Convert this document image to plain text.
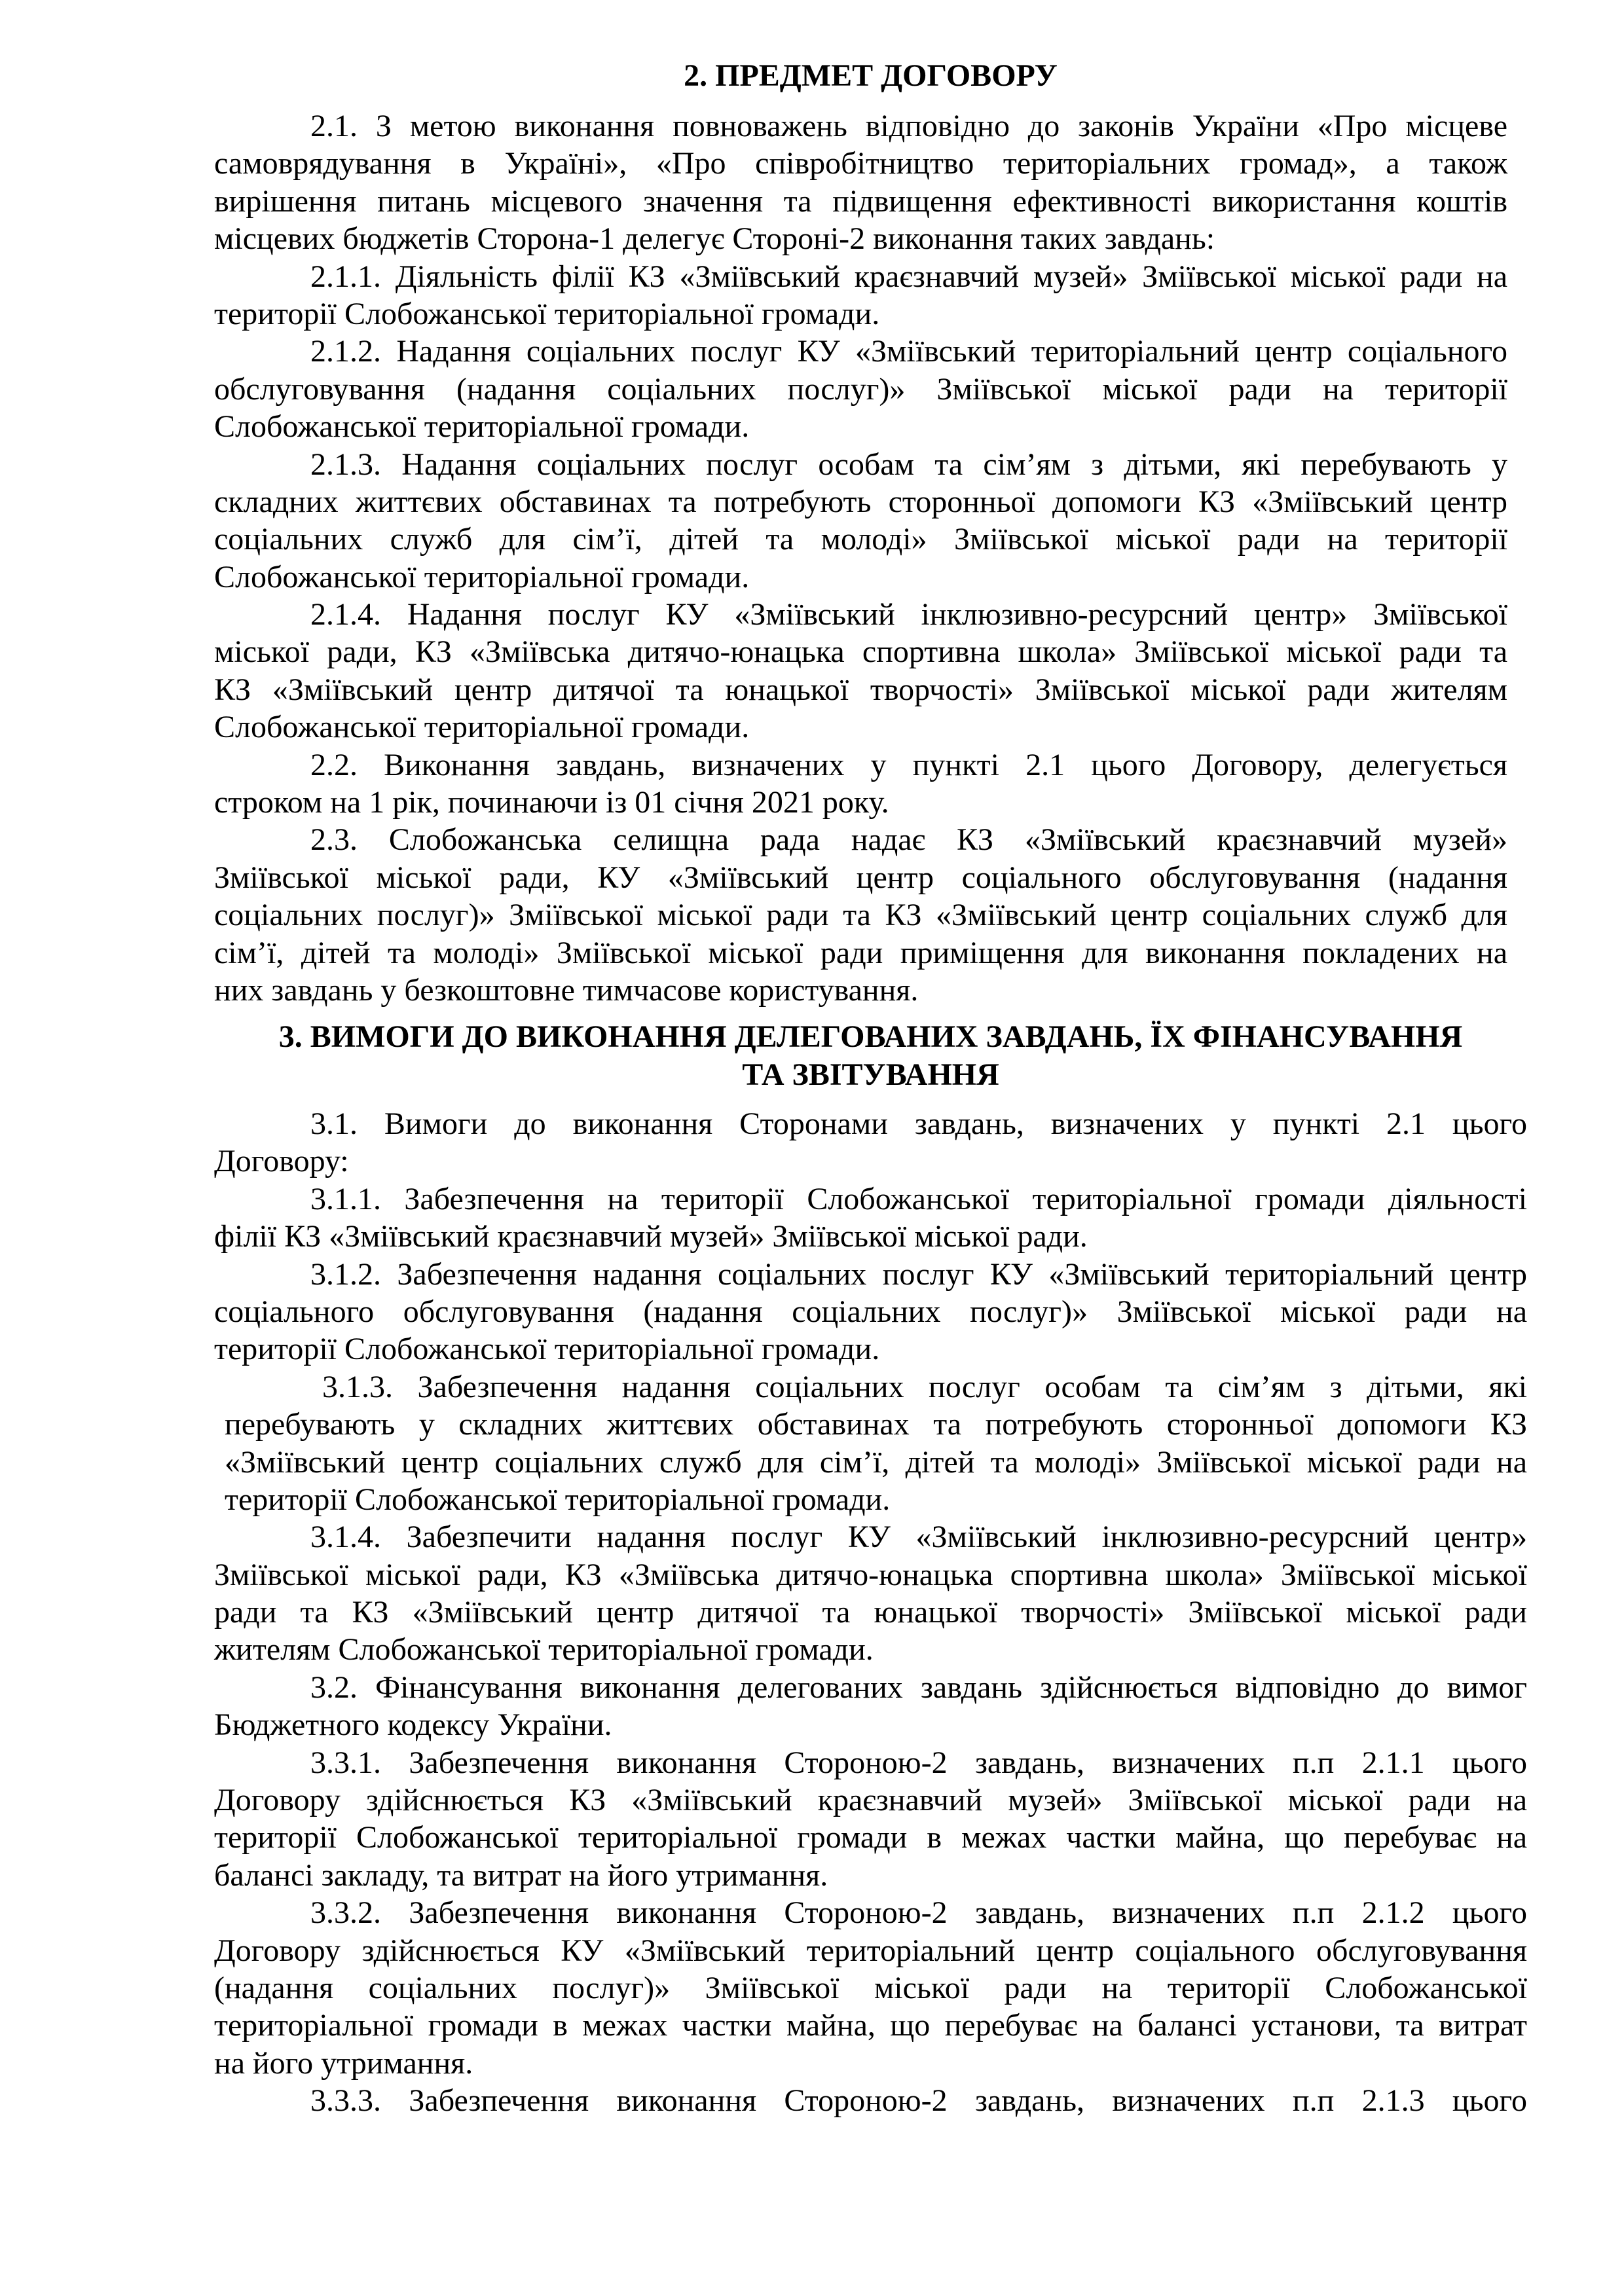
2. ПРЕДМЕТ ДОГОВОРУ
2.1. З метою виконання повноважень відповідно до законів України «Про місцеве
самоврядування в Україні», «Про співробітництво територіальних громад», а також
вирішення питань місцевого значення та підвищення ефективності використання коштів
місцевих бюджетів Сторона-1 делегує Стороні-2 виконання таких завдань:
2.1.1. Діяльність філії КЗ «Зміївський краєзнавчий музей» Зміївської міської ради на
території Слобожанської територіальної громади.
2.1.2. Надання соціальних послуг КУ «Зміївський територіальний центр соціального
обслуговування (надання соціальних послуг)» Зміївської міської ради на території
Слобожанської територіальної громади.
2.1.3. Надання соціальних послуг особам та сім’ям з дітьми, які перебувають у
складних життєвих обставинах та потребують сторонньої допомоги КЗ «Зміївський центр
соціальних служб для сім’ї, дітей та молоді» Зміївської міської ради на території
Слобожанської територіальної громади.
2.1.4. Надання послуг КУ «Зміївський інклюзивно-ресурсний центр» Зміївської
міської ради, КЗ «Зміївська дитячо-юнацька спортивна школа» Зміївської міської ради та
КЗ «Зміївський центр дитячої та юнацької творчості» Зміївської міської ради жителям
Слобожанської територіальної громади.
2.2. Виконання завдань, визначених у пункті 2.1 цього Договору, делегується
строком на 1 рік, починаючи із 01 січня 2021 року.
2.3. Слобожанська селищна рада надає КЗ «Зміївський краєзнавчий музей»
Зміївської міської ради, КУ «Зміївський центр соціального обслуговування (надання
соціальних послуг)» Зміївської міської ради та КЗ «Зміївський центр соціальних служб для
сім’ї, дітей та молоді» Зміївської міської ради приміщення для виконання покладених на
них завдань у безкоштовне тимчасове користування.
3. ВИМОГИ ДО ВИКОНАННЯ ДЕЛЕГОВАНИХ ЗАВДАНЬ, ЇХ ФІНАНСУВАННЯ
ТА ЗВІТУВАННЯ
3.1. Вимоги до виконання Сторонами завдань, визначених у пункті 2.1 цього
Договору:
3.1.1. Забезпечення на території Слобожанської територіальної громади діяльності
філії КЗ «Зміївський краєзнавчий музей» Зміївської міської ради.
3.1.2. Забезпечення надання соціальних послуг КУ «Зміївський територіальний центр
соціального обслуговування (надання соціальних послуг)» Зміївської міської ради на
території Слобожанської територіальної громади.
3.1.3. Забезпечення надання соціальних послуг особам та сім’ям з дітьми, які
перебувають у складних життєвих обставинах та потребують сторонньої допомоги КЗ
«Зміївський центр соціальних служб для сім’ї, дітей та молоді» Зміївської міської ради на
території Слобожанської територіальної громади.
3.1.4. Забезпечити надання послуг КУ «Зміївський інклюзивно-ресурсний центр»
Зміївської міської ради, КЗ «Зміївська дитячо-юнацька спортивна школа» Зміївської міської
ради та КЗ «Зміївський центр дитячої та юнацької творчості» Зміївської міської ради
жителям Слобожанської територіальної громади.
3.2. Фінансування виконання делегованих завдань здійснюється відповідно до вимог
Бюджетного кодексу України.
3.3.1. Забезпечення виконання Стороною-2 завдань, визначених п.п 2.1.1 цього
Договору здійснюється КЗ «Зміївський краєзнавчий музей» Зміївської міської ради на
території Слобожанської територіальної громади в межах частки майна, що перебуває на
балансі закладу, та витрат на його утримання.
3.3.2. Забезпечення виконання Стороною-2 завдань, визначених п.п 2.1.2 цього
Договору здійснюється КУ «Зміївський територіальний центр соціального обслуговування
(надання соціальних послуг)» Зміївської міської ради на території Слобожанської
територіальної громади в межах частки майна, що перебуває на балансі установи, та витрат
на його утримання.
3.3.3. Забезпечення виконання Стороною-2 завдань, визначених п.п 2.1.3 цього
